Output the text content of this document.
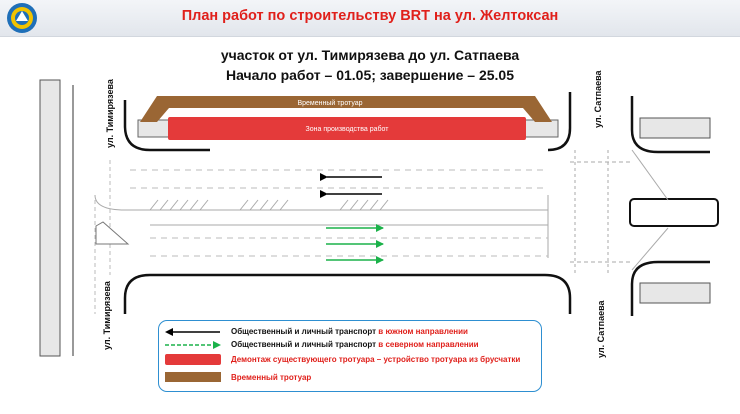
План работ по строительству BRT на ул. Желтоксан
участок от ул. Тимирязева до ул. Сатпаева
Начало работ – 01.05; завершение – 25.05
Временный тротуар
Зона производства работ
ул. Тимирязева
ул. Тимирязева
ул. Сатпаева
ул. Сатпаева
Общественный и личный транспорт в южном направлении
Общественный и личный транспорт в северном направлении
Демонтаж существующего тротуара – устройство тротуара из брусчатки
Временный тротуар
